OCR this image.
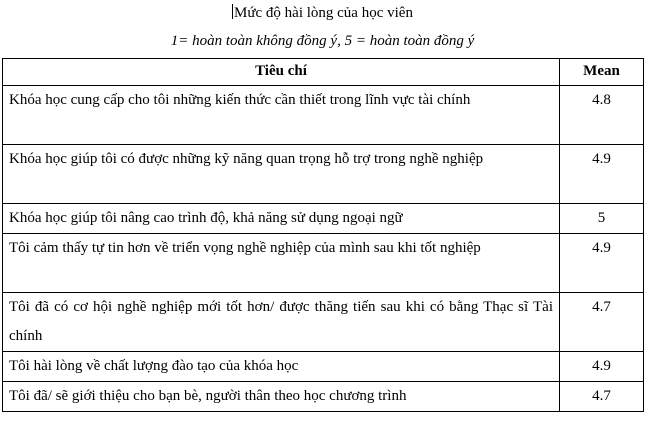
Mức độ hài lòng của học viên
1= hoàn toàn không đồng ý, 5 = hoàn toàn đồng ý
Tiêu chí	Mean
Khóa học cung cấp cho tôi những kiến thức cần thiết trong lĩnh vực tài chính	4.8
Khóa học giúp tôi có được những kỹ năng quan trọng hỗ trợ trong nghề nghiệp	4.9
Khóa học giúp tôi nâng cao trình độ, khả năng sử dụng ngoại ngữ	5
Tôi cảm thấy tự tin hơn về triển vọng nghề nghiệp của mình sau khi tốt nghiệp	4.9
Tôi đã có cơ hội nghề nghiệp mới tốt hơn/ được thăng tiến sau khi có bằng Thạc sĩ Tài chính	4.7
Tôi hài lòng về chất lượng đào tạo của khóa học	4.9
Tôi đã/ sẽ giới thiệu cho bạn bè, người thân theo học chương trình	4.7
